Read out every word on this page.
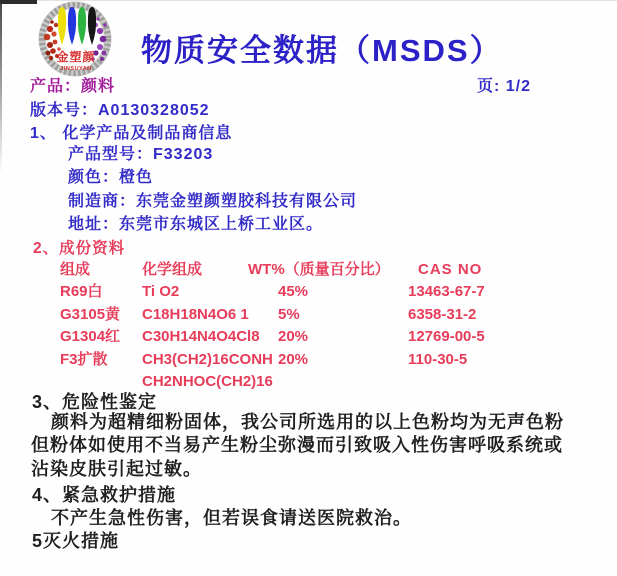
金塑颜
JINSUYAN
物质安全数据（MSDS）
产品：颜料	页: 1/2
版本号：A0130328052
1、 化学产品及制品商信息
产品型号：F33203
颜色：橙色
制造商：东莞金塑颜塑胶科技有限公司
地址：东莞市东城区上桥工业区。
2、成份资料
组成	化学组成	WT%（质量百分比）	CAS NO
R69白	Ti O2	45%	13463-67-7
G3105黄	C18H18N4O6 1	5%	6358-31-2
G1304红	C30H14N4O4Cl8	20%	12769-00-5
F3扩散	CH3(CH2)16CONH 20%	110-30-5
CH2NHOC(CH2)16
3、危险性鉴定
颜料为超精细粉固体，我公司所选用的以上色粉均为无声色粉
但粉体如使用不当易产生粉尘弥漫而引致吸入性伤害呼吸系统或
沾染皮肤引起过敏。
4、紧急救护措施
不产生急性伤害，但若误食请送医院救治。
5灭火措施
